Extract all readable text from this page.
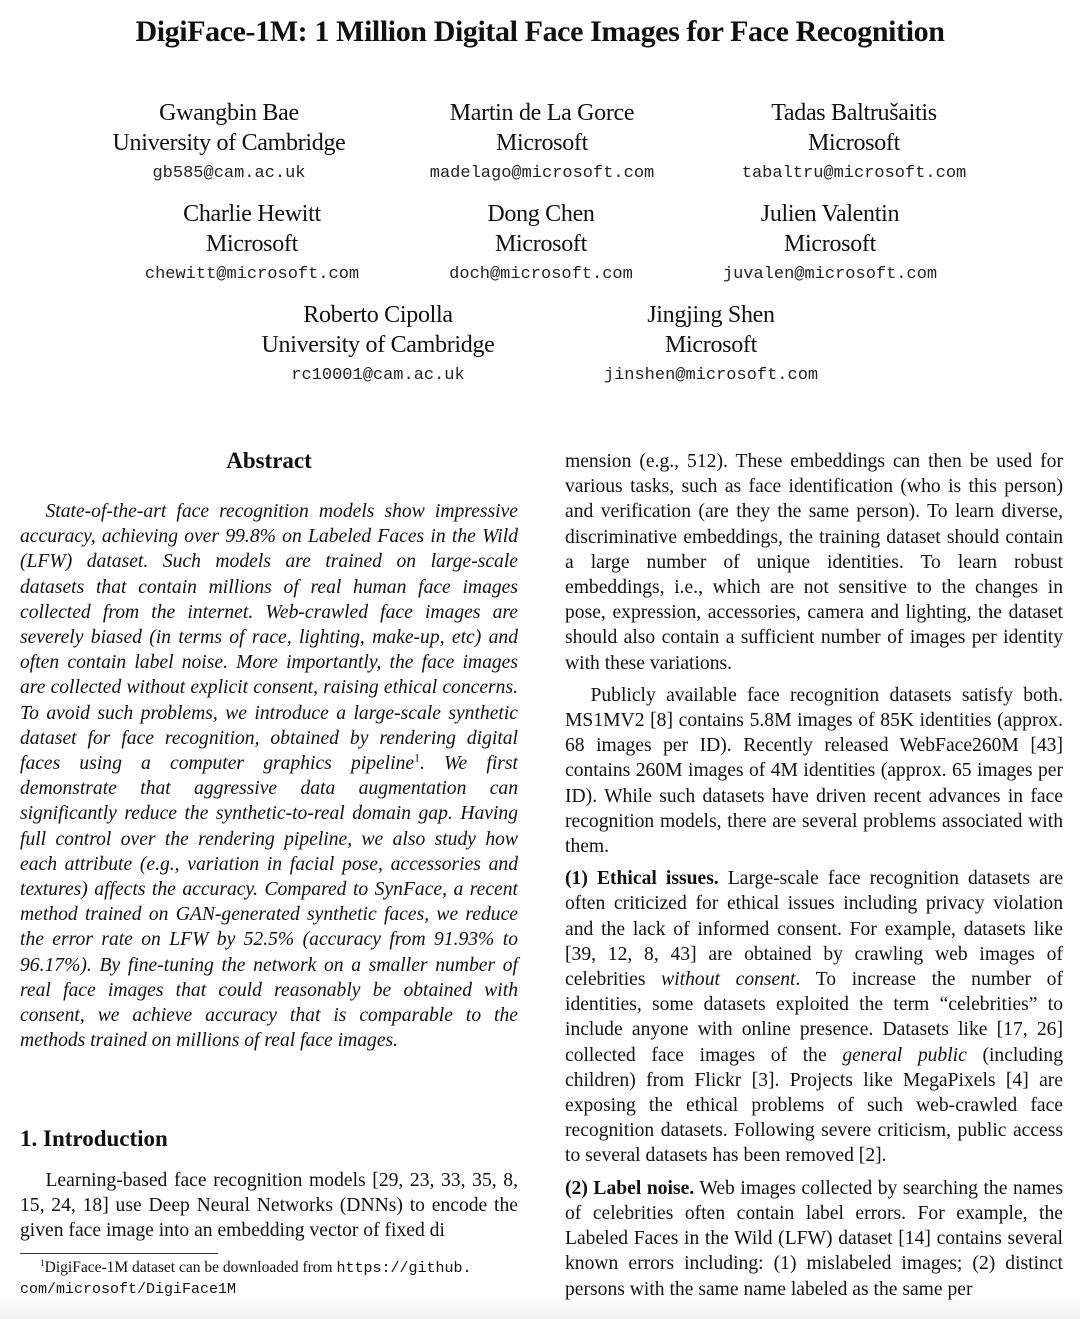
DigiFace-1M: 1 Million Digital Face Images for Face Recognition
Gwangbin Bae
University of Cambridge
gb585@cam.ac.uk
Martin de La Gorce
Microsoft
madelago@microsoft.com
Tadas Baltrušaitis
Microsoft
tabaltru@microsoft.com
Charlie Hewitt
Microsoft
chewitt@microsoft.com
Dong Chen
Microsoft
doch@microsoft.com
Julien Valentin
Microsoft
juvalen@microsoft.com
Roberto Cipolla
University of Cambridge
rc10001@cam.ac.uk
Jingjing Shen
Microsoft
jinshen@microsoft.com
Abstract
State-of-the-art face recognition models show impressive accuracy, achieving over 99.8% on Labeled Faces in the Wild (LFW) dataset. Such models are trained on large-scale datasets that contain millions of real human face images collected from the internet. Web-crawled face images are severely biased (in terms of race, lighting, make-up, etc) and often contain label noise. More importantly, the face images are collected without explicit consent, raising ethical concerns. To avoid such problems, we introduce a large-scale synthetic dataset for face recognition, obtained by rendering digital faces using a computer graphics pipeline$^1$. We first demonstrate that aggressive data augmentation can significantly reduce the synthetic-to-real domain gap. Having full control over the rendering pipeline, we also study how each attribute (e.g., variation in facial pose, accessories and textures) affects the accuracy. Compared to SynFace, a recent method trained on GAN-generated synthetic faces, we reduce the error rate on LFW by 52.5% (accuracy from 91.93% to 96.17%). By fine-tuning the network on a smaller number of real face images that could reasonably be obtained with consent, we achieve accuracy that is comparable to the methods trained on millions of real face images.
1. Introduction

Learning-based face recognition models [29, 23, 33, 35, 8, 15, 24, 18] use Deep Neural Networks (DNNs) to encode the given face image into an embedding vector of fixed di

$^1$DigiFace-1M dataset can be downloaded from https://github.
com/microsoft/DigiFace1M

mension (e.g., 512). These embeddings can then be used for various tasks, such as face identification (who is this person) and verification (are they the same person). To learn diverse, discriminative embeddings, the training dataset should contain a large number of unique identities. To learn robust embeddings, i.e., which are not sensitive to the changes in pose, expression, accessories, camera and lighting, the dataset should also contain a sufficient number of images per identity with these variations.

Publicly available face recognition datasets satisfy both. MS1MV2 [8] contains 5.8M images of 85K identities (approx. 68 images per ID). Recently released WebFace260M [43] contains 260M images of 4M identities (approx. 65 images per ID). While such datasets have driven recent advances in face recognition models, there are several problems associated with them.

(1) Ethical issues. Large-scale face recognition datasets are often criticized for ethical issues including privacy violation and the lack of informed consent. For example, datasets like [39, 12, 8, 43] are obtained by crawling web images of celebrities without consent. To increase the number of identities, some datasets exploited the term “celebrities” to include anyone with online presence. Datasets like [17, 26] collected face images of the general public (including children) from Flickr [3]. Projects like MegaPixels [4] are exposing the ethical problems of such web-crawled face recognition datasets. Following severe criticism, public access to several datasets has been removed [2].

(2) Label noise. Web images collected by searching the names of celebrities often contain label errors. For example, the Labeled Faces in the Wild (LFW) dataset [14] contains several known errors including: (1) mislabeled images; (2) distinct persons with the same name labeled as the same per
